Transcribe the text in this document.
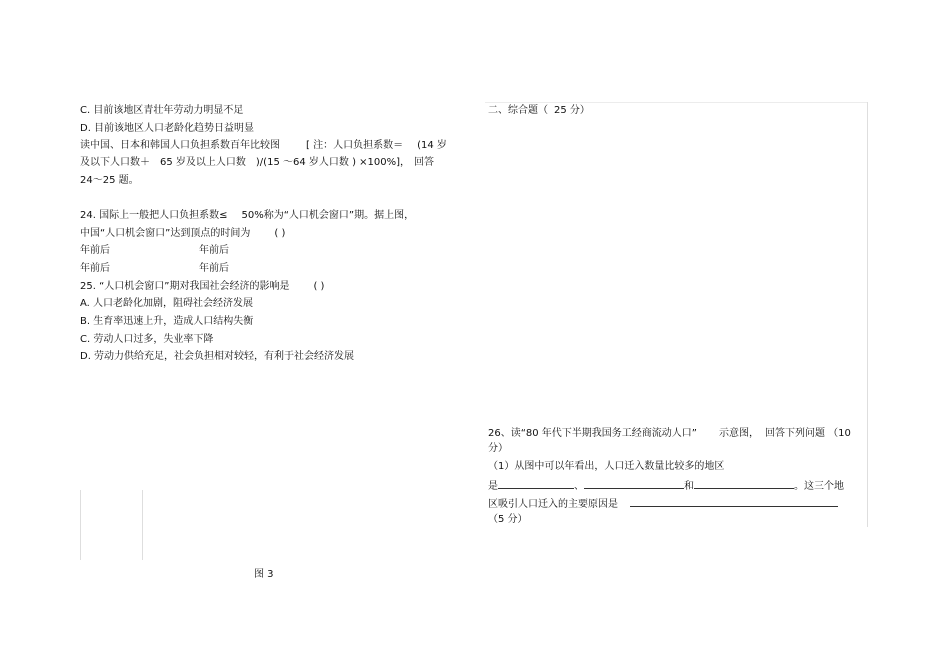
C. 目前该地区青壮年劳动力明显不足
D. 目前该地区人口老龄化趋势日益明显
读中国、日本和韩国人口负担系数百年比较图	[ 注：人口负担系数＝ (14 岁
及以下人口数＋ 65 岁及以上人口数 )/(15 ～64 岁人口数 ) ×100%]， 回答
24～25 题。
24. 国际上一般把人口负担系数≤ 50%称为“人口机会窗口”期。据上图，
中国“人口机会窗口”达到顶点的时间为 ( )
年前后	年前后
年前后	年前后
25. “人口机会窗口”期对我国社会经济的影响是 ( )
A. 人口老龄化加剧，阻碍社会经济发展
B. 生育率迅速上升，造成人口结构失衡
C. 劳动人口过多，失业率下降
D. 劳动力供给充足，社会负担相对较轻，有利于社会经济发展
图 3
二、综合题（ 25 分）
26、读“80 年代下半期我国务工经商流动人口” 示意图， 回答下列问题 （10
分）
（1）从图中可以年看出，人口迁入数量比较多的地区
是	、	和	。这三个地
区吸引人口迁入的主要原因是
（5 分）
